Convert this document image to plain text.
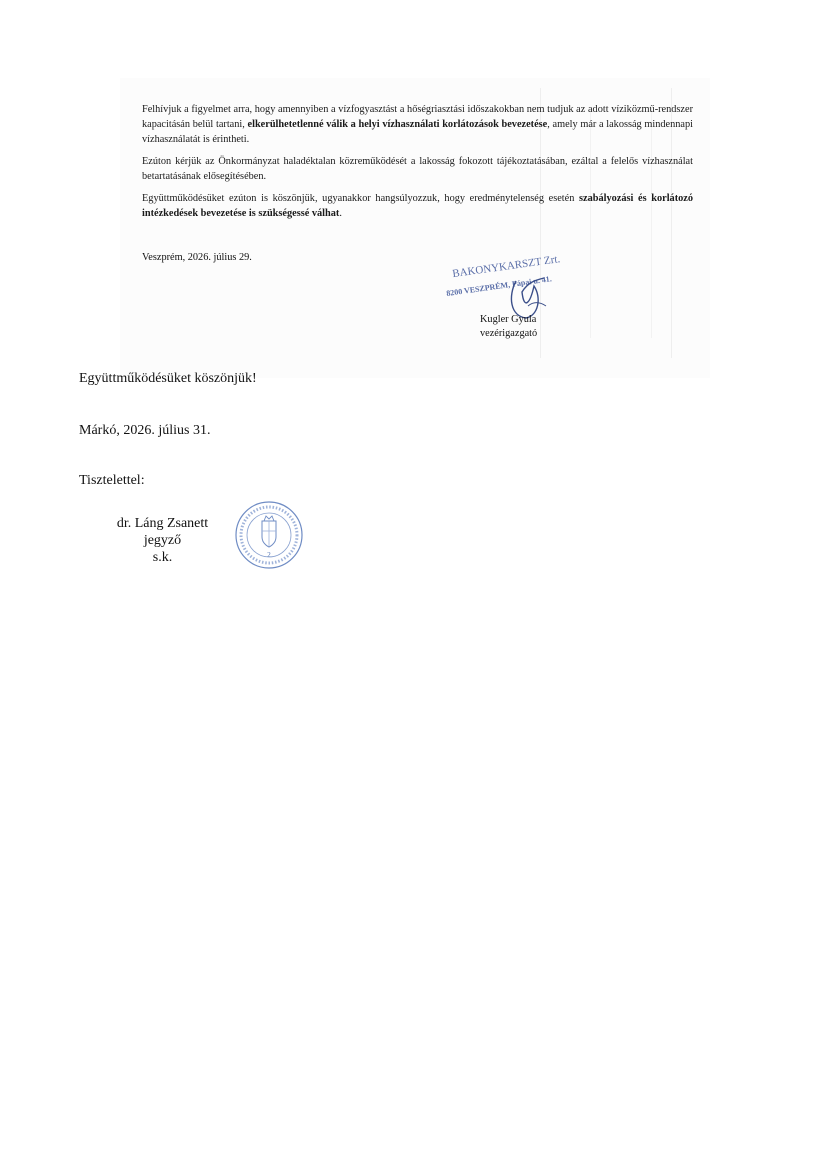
Felhívjuk a figyelmet arra, hogy amennyiben a vízfogyasztást a hőségriasztási időszakokban nem tudjuk az adott víziközmű-rendszer kapacitásán belül tartani, elkerülhetetlenné válik a helyi vízhasználati korlátozások bevezetése, amely már a lakosság mindennapi vízhasználatát is érintheti.

Ezúton kérjük az Önkormányzat haladéktalan közreműködését a lakosság fokozott tájékoztatásában, ezáltal a felelős vízhasználat betartatásának elősegítésében.

Együttműködésüket ezúton is köszönjük, ugyanakkor hangsúlyozzuk, hogy eredménytelenség esetén szabályozási és korlátozó intézkedések bevezetése is szükségessé válhat.

Veszprém, 2026. július 29.	BAKONYKARSZT Zrt.
8200 VESZPRÉM, Pápai u. 41.
Kugler Gyula
vezérigazgató
Együttműködésüket köszönjük!
Márkó, 2026. július 31.
Tisztelettel:
dr. Láng Zsanett
jegyző
s.k.	2
